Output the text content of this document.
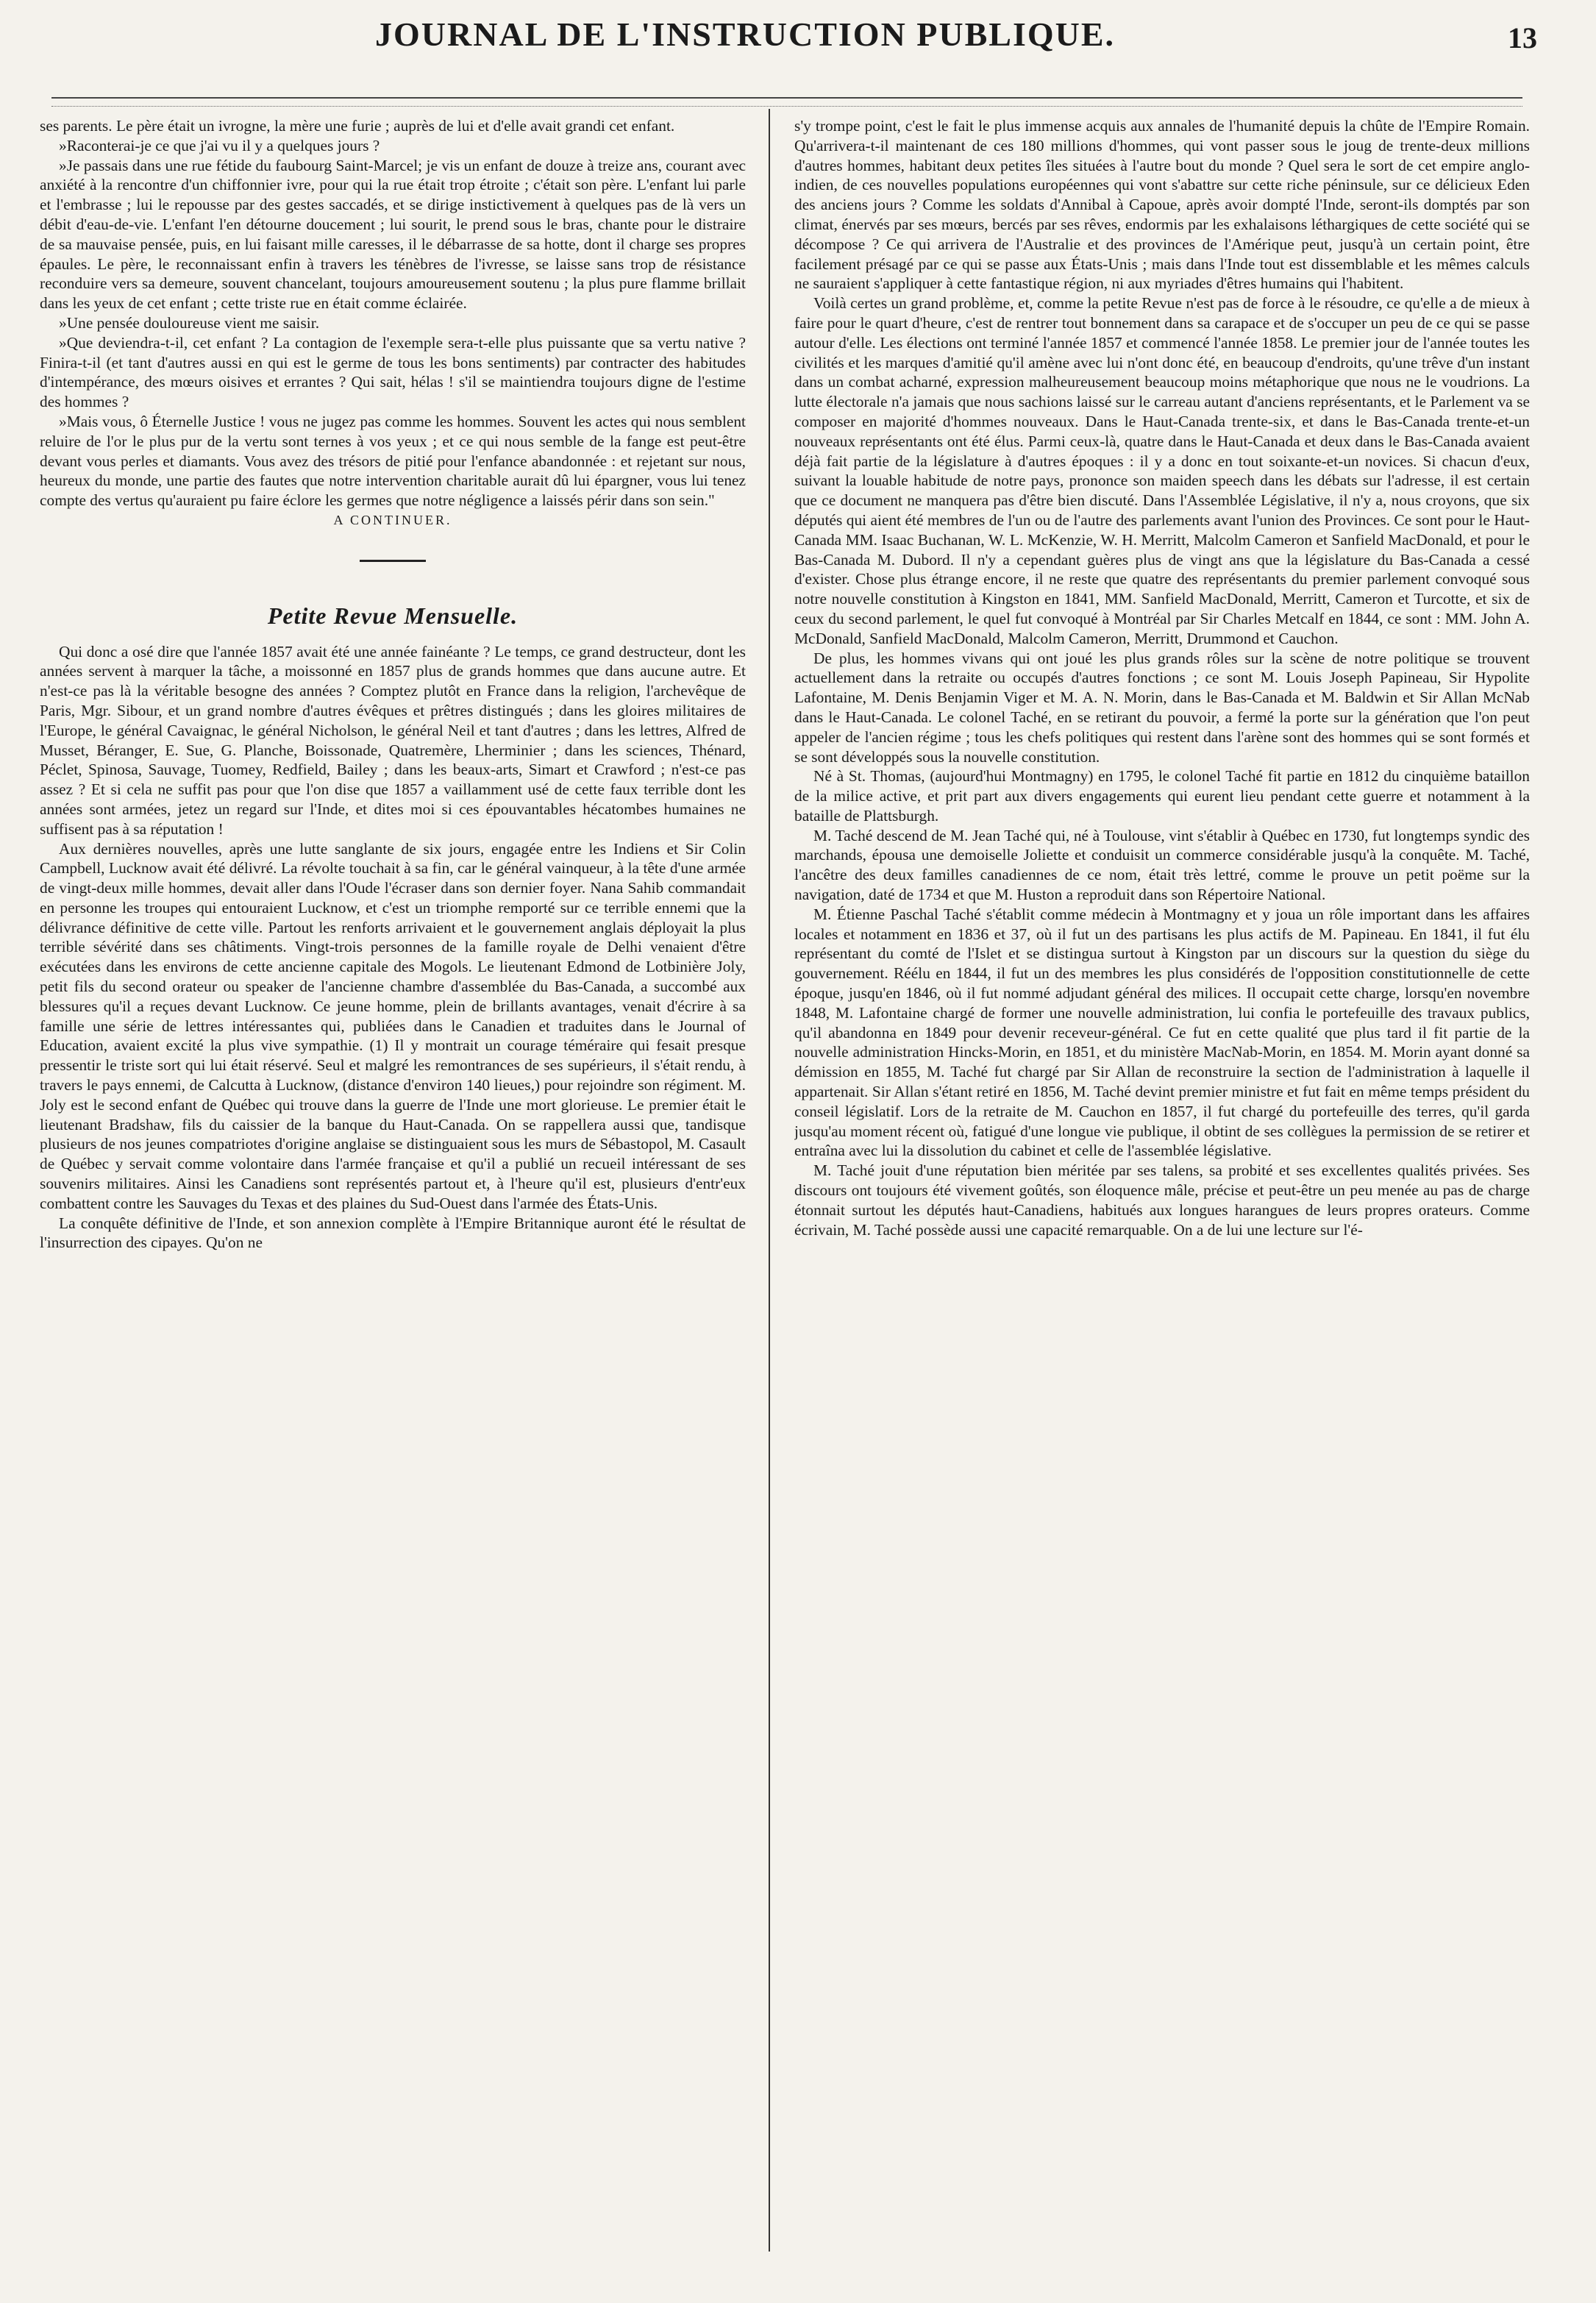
JOURNAL DE L'INSTRUCTION PUBLIQUE.	13

ses parents. Le père était un ivrogne, la mère une furie ; auprès de lui et d'elle avait grandi cet enfant.

»Raconterai-je ce que j'ai vu il y a quelques jours ?

»Je passais dans une rue fétide du faubourg Saint-Marcel; je vis un enfant de douze à treize ans, courant avec anxiété à la rencontre d'un chiffonnier ivre, pour qui la rue était trop étroite ; c'était son père. L'enfant lui parle et l'embrasse ; lui le repousse par des gestes saccadés, et se dirige instictivement à quelques pas de là vers un débit d'eau-de-vie. L'enfant l'en détourne doucement ; lui sourit, le prend sous le bras, chante pour le distraire de sa mauvaise pensée, puis, en lui faisant mille caresses, il le débarrasse de sa hotte, dont il charge ses propres épaules. Le père, le reconnaissant enfin à travers les ténèbres de l'ivresse, se laisse sans trop de résistance reconduire vers sa demeure, souvent chancelant, toujours amoureusement soutenu ; la plus pure flamme brillait dans les yeux de cet enfant ; cette triste rue en était comme éclairée.

»Une pensée douloureuse vient me saisir.

»Que deviendra-t-il, cet enfant ? La contagion de l'exemple sera-t-elle plus puissante que sa vertu native ? Finira-t-il (et tant d'autres aussi en qui est le germe de tous les bons sentiments) par contracter des habitudes d'intempérance, des mœurs oisives et errantes ? Qui sait, hélas ! s'il se maintiendra toujours digne de l'estime des hommes ?

»Mais vous, ô Éternelle Justice ! vous ne jugez pas comme les hommes. Souvent les actes qui nous semblent reluire de l'or le plus pur de la vertu sont ternes à vos yeux ; et ce qui nous semble de la fange est peut-être devant vous perles et diamants. Vous avez des trésors de pitié pour l'enfance abandonnée : et rejetant sur nous, heureux du monde, une partie des fautes que notre intervention charitable aurait dû lui épargner, vous lui tenez compte des vertus qu'auraient pu faire éclore les germes que notre négligence a laissés périr dans son sein."

A CONTINUER.

Petite Revue Mensuelle.

Qui donc a osé dire que l'année 1857 avait été une année fainéante ? Le temps, ce grand destructeur, dont les années servent à marquer la tâche, a moissonné en 1857 plus de grands hommes que dans aucune autre. Et n'est-ce pas là la véritable besogne des années ? Comptez plutôt en France dans la religion, l'archevêque de Paris, Mgr. Sibour, et un grand nombre d'autres évêques et prêtres distingués ; dans les gloires militaires de l'Europe, le général Cavaignac, le général Nicholson, le général Neil et tant d'autres ; dans les lettres, Alfred de Musset, Béranger, E. Sue, G. Planche, Boissonade, Quatremère, Lherminier ; dans les sciences, Thénard, Péclet, Spinosa, Sauvage, Tuomey, Redfield, Bailey ; dans les beaux-arts, Simart et Crawford ; n'est-ce pas assez ? Et si cela ne suffit pas pour que l'on dise que 1857 a vaillamment usé de cette faux terrible dont les années sont armées, jetez un regard sur l'Inde, et dites moi si ces épouvantables hécatombes humaines ne suffisent pas à sa réputation !

Aux dernières nouvelles, après une lutte sanglante de six jours, engagée entre les Indiens et Sir Colin Campbell, Lucknow avait été délivré. La révolte touchait à sa fin, car le général vainqueur, à la tête d'une armée de vingt-deux mille hommes, devait aller dans l'Oude l'écraser dans son dernier foyer. Nana Sahib commandait en personne les troupes qui entouraient Lucknow, et c'est un triomphe remporté sur ce terrible ennemi que la délivrance définitive de cette ville. Partout les renforts arrivaient et le gouvernement anglais déployait la plus terrible sévérité dans ses châtiments. Vingt-trois personnes de la famille royale de Delhi venaient d'être exécutées dans les environs de cette ancienne capitale des Mogols. Le lieutenant Edmond de Lotbinière Joly, petit fils du second orateur ou speaker de l'ancienne chambre d'assemblée du Bas-Canada, a succombé aux blessures qu'il a reçues devant Lucknow. Ce jeune homme, plein de brillants avantages, venait d'écrire à sa famille une série de lettres intéressantes qui, publiées dans le Canadien et traduites dans le Journal of Education, avaient excité la plus vive sympathie. (1) Il y montrait un courage téméraire qui fesait presque pressentir le triste sort qui lui était réservé. Seul et malgré les remontrances de ses supérieurs, il s'était rendu, à travers le pays ennemi, de Calcutta à Lucknow, (distance d'environ 140 lieues,) pour rejoindre son régiment. M. Joly est le second enfant de Québec qui trouve dans la guerre de l'Inde une mort glorieuse. Le premier était le lieutenant Bradshaw, fils du caissier de la banque du Haut-Canada. On se rappellera aussi que, tandisque plusieurs de nos jeunes compatriotes d'origine anglaise se distinguaient sous les murs de Sébastopol, M. Casault de Québec y servait comme volontaire dans l'armée française et qu'il a publié un recueil intéressant de ses souvenirs militaires. Ainsi les Canadiens sont représentés partout et, à l'heure qu'il est, plusieurs d'entr'eux combattent contre les Sauvages du Texas et des plaines du Sud-Ouest dans l'armée des États-Unis.

La conquête définitive de l'Inde, et son annexion complète à l'Empire Britannique auront été le résultat de l'insurrection des cipayes. Qu'on ne

s'y trompe point, c'est le fait le plus immense acquis aux annales de l'humanité depuis la chûte de l'Empire Romain. Qu'arrivera-t-il maintenant de ces 180 millions d'hommes, qui vont passer sous le joug de trente-deux millions d'autres hommes, habitant deux petites îles situées à l'autre bout du monde ? Quel sera le sort de cet empire anglo-indien, de ces nouvelles populations européennes qui vont s'abattre sur cette riche péninsule, sur ce délicieux Eden des anciens jours ? Comme les soldats d'Annibal à Capoue, après avoir dompté l'Inde, seront-ils domptés par son climat, énervés par ses mœurs, bercés par ses rêves, endormis par les exhalaisons léthargiques de cette société qui se décompose ? Ce qui arrivera de l'Australie et des provinces de l'Amérique peut, jusqu'à un certain point, être facilement présagé par ce qui se passe aux États-Unis ; mais dans l'Inde tout est dissemblable et les mêmes calculs ne sauraient s'appliquer à cette fantastique région, ni aux myriades d'êtres humains qui l'habitent.

Voilà certes un grand problème, et, comme la petite Revue n'est pas de force à le résoudre, ce qu'elle a de mieux à faire pour le quart d'heure, c'est de rentrer tout bonnement dans sa carapace et de s'occuper un peu de ce qui se passe autour d'elle. Les élections ont terminé l'année 1857 et commencé l'année 1858. Le premier jour de l'année toutes les civilités et les marques d'amitié qu'il amène avec lui n'ont donc été, en beaucoup d'endroits, qu'une trêve d'un instant dans un combat acharné, expression malheureusement beaucoup moins métaphorique que nous ne le voudrions. La lutte électorale n'a jamais que nous sachions laissé sur le carreau autant d'anciens représentants, et le Parlement va se composer en majorité d'hommes nouveaux. Dans le Haut-Canada trente-six, et dans le Bas-Canada trente-et-un nouveaux représentants ont été élus. Parmi ceux-là, quatre dans le Haut-Canada et deux dans le Bas-Canada avaient déjà fait partie de la législature à d'autres époques : il y a donc en tout soixante-et-un novices. Si chacun d'eux, suivant la louable habitude de notre pays, prononce son maiden speech dans les débats sur l'adresse, il est certain que ce document ne manquera pas d'être bien discuté. Dans l'Assemblée Législative, il n'y a, nous croyons, que six députés qui aient été membres de l'un ou de l'autre des parlements avant l'union des Provinces. Ce sont pour le Haut-Canada MM. Isaac Buchanan, W. L. McKenzie, W. H. Merritt, Malcolm Cameron et Sanfield MacDonald, et pour le Bas-Canada M. Dubord. Il n'y a cependant guères plus de vingt ans que la législature du Bas-Canada a cessé d'exister. Chose plus étrange encore, il ne reste que quatre des représentants du premier parlement convoqué sous notre nouvelle constitution à Kingston en 1841, MM. Sanfield MacDonald, Merritt, Cameron et Turcotte, et six de ceux du second parlement, le quel fut convoqué à Montréal par Sir Charles Metcalf en 1844, ce sont : MM. John A. McDonald, Sanfield MacDonald, Malcolm Cameron, Merritt, Drummond et Cauchon.

De plus, les hommes vivans qui ont joué les plus grands rôles sur la scène de notre politique se trouvent actuellement dans la retraite ou occupés d'autres fonctions ; ce sont M. Louis Joseph Papineau, Sir Hypolite Lafontaine, M. Denis Benjamin Viger et M. A. N. Morin, dans le Bas-Canada et M. Baldwin et Sir Allan McNab dans le Haut-Canada. Le colonel Taché, en se retirant du pouvoir, a fermé la porte sur la génération que l'on peut appeler de l'ancien régime ; tous les chefs politiques qui restent dans l'arène sont des hommes qui se sont formés et se sont développés sous la nouvelle constitution.

Né à St. Thomas, (aujourd'hui Montmagny) en 1795, le colonel Taché fit partie en 1812 du cinquième bataillon de la milice active, et prit part aux divers engagements qui eurent lieu pendant cette guerre et notamment à la bataille de Plattsburgh.

M. Taché descend de M. Jean Taché qui, né à Toulouse, vint s'établir à Québec en 1730, fut longtemps syndic des marchands, épousa une demoiselle Joliette et conduisit un commerce considérable jusqu'à la conquête. M. Taché, l'ancêtre des deux familles canadiennes de ce nom, était très lettré, comme le prouve un petit poëme sur la navigation, daté de 1734 et que M. Huston a reproduit dans son Répertoire National.

M. Étienne Paschal Taché s'établit comme médecin à Montmagny et y joua un rôle important dans les affaires locales et notamment en 1836 et 37, où il fut un des partisans les plus actifs de M. Papineau. En 1841, il fut élu représentant du comté de l'Islet et se distingua surtout à Kingston par un discours sur la question du siège du gouvernement. Réélu en 1844, il fut un des membres les plus considérés de l'opposition constitutionnelle de cette époque, jusqu'en 1846, où il fut nommé adjudant général des milices. Il occupait cette charge, lorsqu'en novembre 1848, M. Lafontaine chargé de former une nouvelle administration, lui confia le portefeuille des travaux publics, qu'il abandonna en 1849 pour devenir receveur-général. Ce fut en cette qualité que plus tard il fit partie de la nouvelle administration Hincks-Morin, en 1851, et du ministère MacNab-Morin, en 1854. M. Morin ayant donné sa démission en 1855, M. Taché fut chargé par Sir Allan de reconstruire la section de l'administration à laquelle il appartenait. Sir Allan s'étant retiré en 1856, M. Taché devint premier ministre et fut fait en même temps président du conseil législatif. Lors de la retraite de M. Cauchon en 1857, il fut chargé du portefeuille des terres, qu'il garda jusqu'au moment récent où, fatigué d'une longue vie publique, il obtint de ses collègues la permission de se retirer et entraîna avec lui la dissolution du cabinet et celle de l'assemblée législative.

M. Taché jouit d'une réputation bien méritée par ses talens, sa probité et ses excellentes qualités privées. Ses discours ont toujours été vivement goûtés, son éloquence mâle, précise et peut-être un peu menée au pas de charge étonnait surtout les députés haut-Canadiens, habitués aux longues harangues de leurs propres orateurs. Comme écrivain, M. Taché possède aussi une capacité remarquable. On a de lui une lecture sur l'é-
